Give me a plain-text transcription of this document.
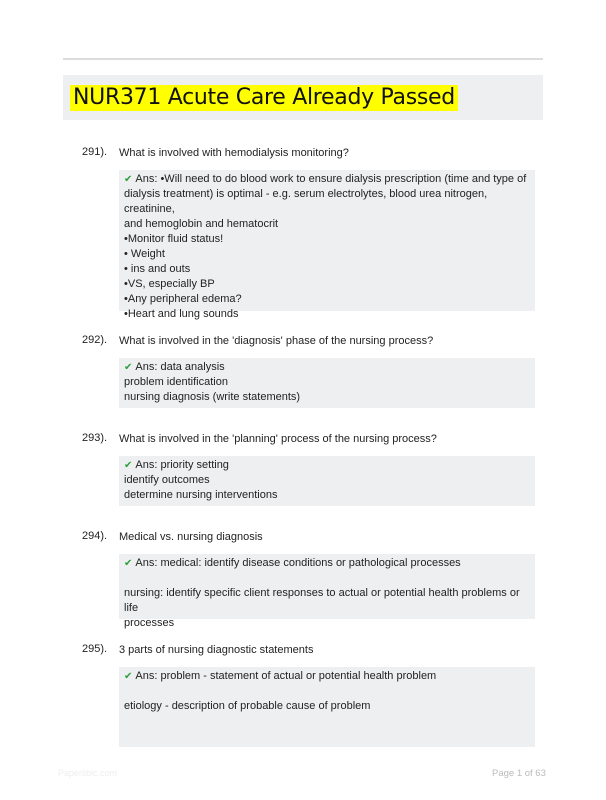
NUR371 Acute Care Already Passed
291). What is involved with hemodialysis monitoring?
✔ Ans: •Will need to do blood work to ensure dialysis prescription (time and type of
dialysis treatment) is optimal - e.g. serum electrolytes, blood urea nitrogen, creatinine,
and hemoglobin and hematocrit
•Monitor fluid status!
• Weight
• ins and outs
•VS, especially BP
•Any peripheral edema?
•Heart and lung sounds
292). What is involved in the 'diagnosis' phase of the nursing process?
✔ Ans: data analysis
problem identification
nursing diagnosis (write statements)
293). What is involved in the 'planning' process of the nursing process?
✔ Ans: priority setting
identify outcomes
determine nursing interventions
294). Medical vs. nursing diagnosis
✔ Ans: medical: identify disease conditions or pathological processes
nursing: identify specific client responses to actual or potential health problems or life
processes
295). 3 parts of nursing diagnostic statements
✔ Ans: problem - statement of actual or potential health problem
etiology - description of probable cause of problem
Paperlibic.com	Page 1 of 63
